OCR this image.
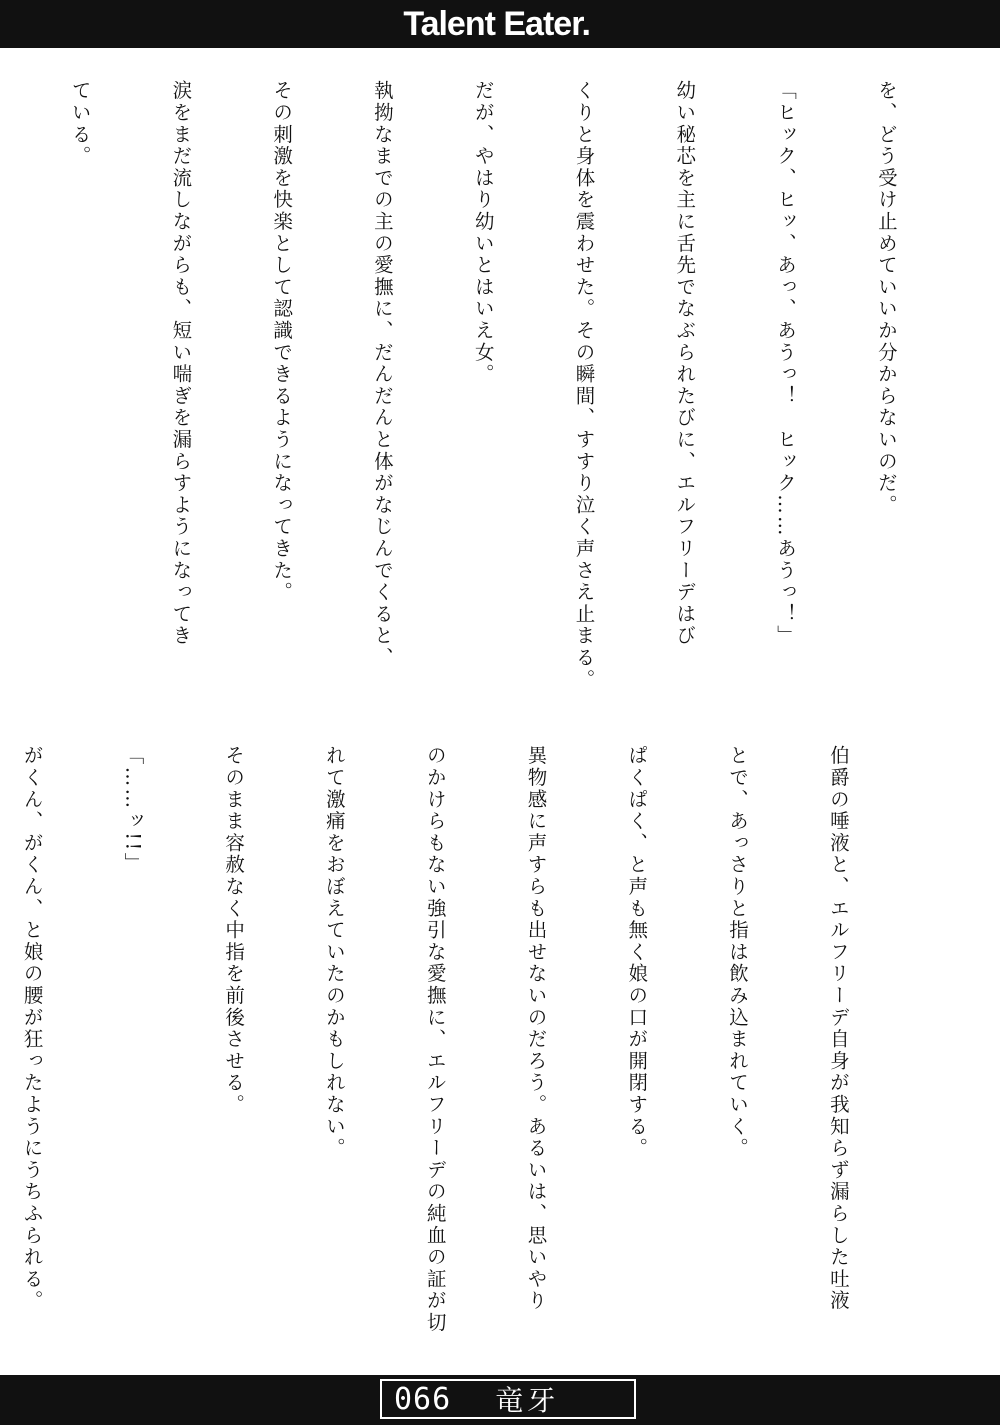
Talent Eater.

を、どう受け止めていいか分からないのだ。

「ヒック、ヒッ、あっ、あうっ！　ヒック……あうっ！」

幼い秘芯を主に舌先でなぶられたびに、エルフリーデはび

くりと身体を震わせた。その瞬間、すすり泣く声さえ止まる。

だが、やはり幼いとはいえ女。

執拗なまでの主の愛撫に、だんだんと体がなじんでくると、

その刺激を快楽として認識できるようになってきた。

涙をまだ流しながらも、短い喘ぎを漏らすようになってき

ている。

伯爵の唾液と、エルフリーデ自身が我知らず漏らした吐液

とで、あっさりと指は飲み込まれていく。

ぱくぱく、と声も無く娘の口が開閉する。

異物感に声すらも出せないのだろう。あるいは、思いやり

のかけらもない強引な愛撫に、エルフリーデの純血の証が切

れて激痛をおぼえていたのかもしれない。

そのまま容赦なく中指を前後させる。

「……ッ!!」

がくん、がくん、と娘の腰が狂ったようにうちふられる。

066 竜牙
